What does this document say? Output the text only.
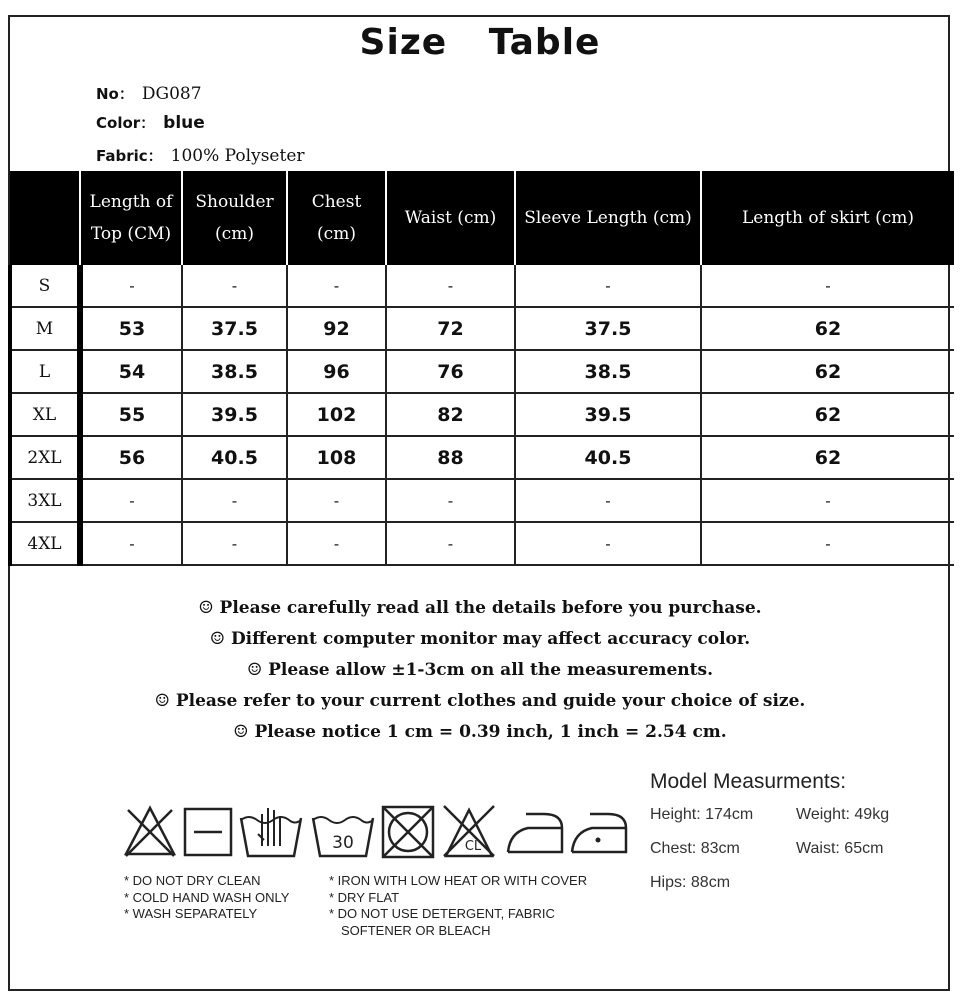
Size Table
No： DG087
Color： blue
Fabric： 100% Polyseter
	Length of Top (CM)	Shoulder (cm)	Chest (cm)	Waist (cm)	Sleeve Length (cm)	Length of skirt (cm)
S	-	-	-	-	-	-
M	53	37.5	92	72	37.5	62
L	54	38.5	96	76	38.5	62
XL	55	39.5	102	82	39.5	62
2XL	56	40.5	108	88	40.5	62
3XL	-	-	-	-	-	-
4XL	-	-	-	-	-	-
☺ Please carefully read all the details before you purchase.
☺ Different computer monitor may affect accuracy color.
☺ Please allow ±1-3cm on all the measurements.
☺ Please refer to your current clothes and guide your choice of size.
☺ Please notice 1 cm = 0.39 inch, 1 inch = 2.54 cm.
Model Measurments:
Height: 174cm	Weight: 49kg
Chest: 83cm	Waist: 65cm
Hips: 88cm
30	CL
* DO NOT DRY CLEAN
* COLD HAND WASH ONLY
* WASH SEPARATELY
* IRON WITH LOW HEAT OR WITH COVER
* DRY FLAT
* DO NOT USE DETERGENT, FABRIC
SOFTENER OR BLEACH
